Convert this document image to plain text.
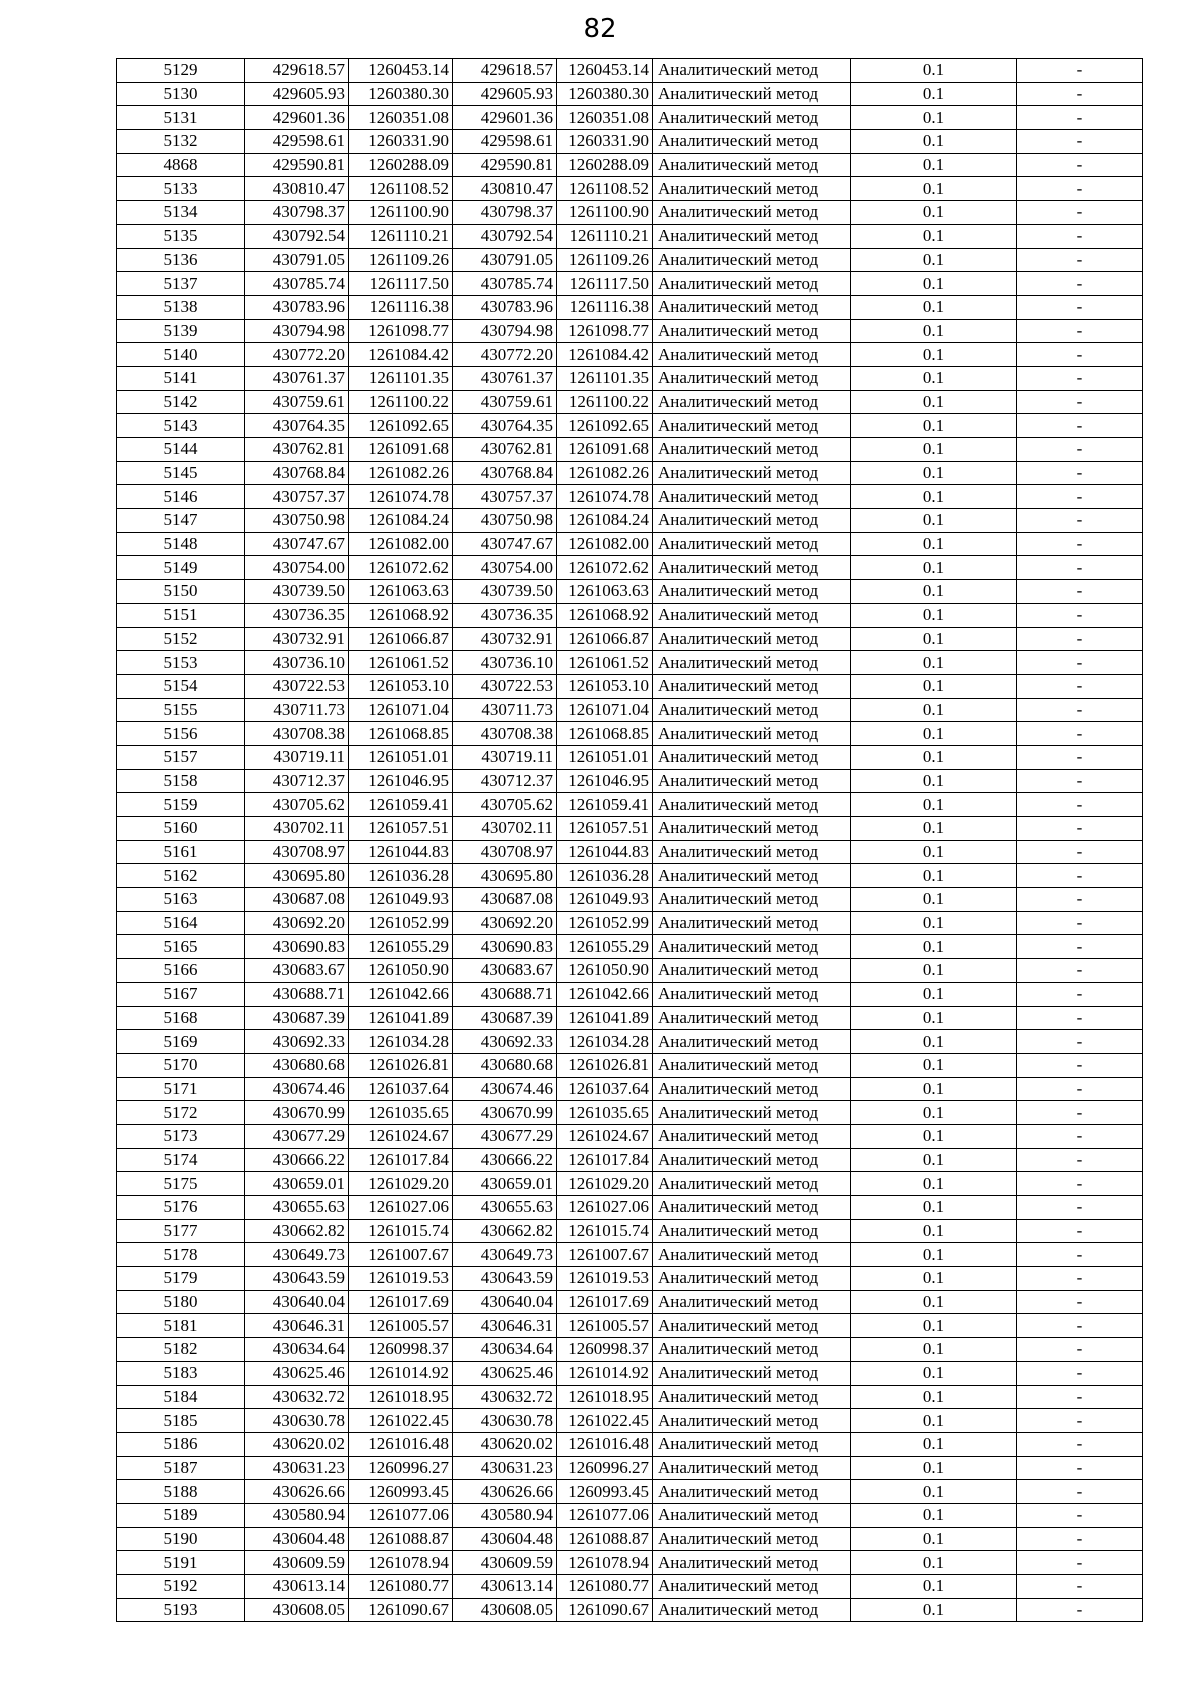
82
5129	429618.57	1260453.14	429618.57	1260453.14	Аналитический метод	0.1	-
5130	429605.93	1260380.30	429605.93	1260380.30	Аналитический метод	0.1	-
5131	429601.36	1260351.08	429601.36	1260351.08	Аналитический метод	0.1	-
5132	429598.61	1260331.90	429598.61	1260331.90	Аналитический метод	0.1	-
4868	429590.81	1260288.09	429590.81	1260288.09	Аналитический метод	0.1	-
5133	430810.47	1261108.52	430810.47	1261108.52	Аналитический метод	0.1	-
5134	430798.37	1261100.90	430798.37	1261100.90	Аналитический метод	0.1	-
5135	430792.54	1261110.21	430792.54	1261110.21	Аналитический метод	0.1	-
5136	430791.05	1261109.26	430791.05	1261109.26	Аналитический метод	0.1	-
5137	430785.74	1261117.50	430785.74	1261117.50	Аналитический метод	0.1	-
5138	430783.96	1261116.38	430783.96	1261116.38	Аналитический метод	0.1	-
5139	430794.98	1261098.77	430794.98	1261098.77	Аналитический метод	0.1	-
5140	430772.20	1261084.42	430772.20	1261084.42	Аналитический метод	0.1	-
5141	430761.37	1261101.35	430761.37	1261101.35	Аналитический метод	0.1	-
5142	430759.61	1261100.22	430759.61	1261100.22	Аналитический метод	0.1	-
5143	430764.35	1261092.65	430764.35	1261092.65	Аналитический метод	0.1	-
5144	430762.81	1261091.68	430762.81	1261091.68	Аналитический метод	0.1	-
5145	430768.84	1261082.26	430768.84	1261082.26	Аналитический метод	0.1	-
5146	430757.37	1261074.78	430757.37	1261074.78	Аналитический метод	0.1	-
5147	430750.98	1261084.24	430750.98	1261084.24	Аналитический метод	0.1	-
5148	430747.67	1261082.00	430747.67	1261082.00	Аналитический метод	0.1	-
5149	430754.00	1261072.62	430754.00	1261072.62	Аналитический метод	0.1	-
5150	430739.50	1261063.63	430739.50	1261063.63	Аналитический метод	0.1	-
5151	430736.35	1261068.92	430736.35	1261068.92	Аналитический метод	0.1	-
5152	430732.91	1261066.87	430732.91	1261066.87	Аналитический метод	0.1	-
5153	430736.10	1261061.52	430736.10	1261061.52	Аналитический метод	0.1	-
5154	430722.53	1261053.10	430722.53	1261053.10	Аналитический метод	0.1	-
5155	430711.73	1261071.04	430711.73	1261071.04	Аналитический метод	0.1	-
5156	430708.38	1261068.85	430708.38	1261068.85	Аналитический метод	0.1	-
5157	430719.11	1261051.01	430719.11	1261051.01	Аналитический метод	0.1	-
5158	430712.37	1261046.95	430712.37	1261046.95	Аналитический метод	0.1	-
5159	430705.62	1261059.41	430705.62	1261059.41	Аналитический метод	0.1	-
5160	430702.11	1261057.51	430702.11	1261057.51	Аналитический метод	0.1	-
5161	430708.97	1261044.83	430708.97	1261044.83	Аналитический метод	0.1	-
5162	430695.80	1261036.28	430695.80	1261036.28	Аналитический метод	0.1	-
5163	430687.08	1261049.93	430687.08	1261049.93	Аналитический метод	0.1	-
5164	430692.20	1261052.99	430692.20	1261052.99	Аналитический метод	0.1	-
5165	430690.83	1261055.29	430690.83	1261055.29	Аналитический метод	0.1	-
5166	430683.67	1261050.90	430683.67	1261050.90	Аналитический метод	0.1	-
5167	430688.71	1261042.66	430688.71	1261042.66	Аналитический метод	0.1	-
5168	430687.39	1261041.89	430687.39	1261041.89	Аналитический метод	0.1	-
5169	430692.33	1261034.28	430692.33	1261034.28	Аналитический метод	0.1	-
5170	430680.68	1261026.81	430680.68	1261026.81	Аналитический метод	0.1	-
5171	430674.46	1261037.64	430674.46	1261037.64	Аналитический метод	0.1	-
5172	430670.99	1261035.65	430670.99	1261035.65	Аналитический метод	0.1	-
5173	430677.29	1261024.67	430677.29	1261024.67	Аналитический метод	0.1	-
5174	430666.22	1261017.84	430666.22	1261017.84	Аналитический метод	0.1	-
5175	430659.01	1261029.20	430659.01	1261029.20	Аналитический метод	0.1	-
5176	430655.63	1261027.06	430655.63	1261027.06	Аналитический метод	0.1	-
5177	430662.82	1261015.74	430662.82	1261015.74	Аналитический метод	0.1	-
5178	430649.73	1261007.67	430649.73	1261007.67	Аналитический метод	0.1	-
5179	430643.59	1261019.53	430643.59	1261019.53	Аналитический метод	0.1	-
5180	430640.04	1261017.69	430640.04	1261017.69	Аналитический метод	0.1	-
5181	430646.31	1261005.57	430646.31	1261005.57	Аналитический метод	0.1	-
5182	430634.64	1260998.37	430634.64	1260998.37	Аналитический метод	0.1	-
5183	430625.46	1261014.92	430625.46	1261014.92	Аналитический метод	0.1	-
5184	430632.72	1261018.95	430632.72	1261018.95	Аналитический метод	0.1	-
5185	430630.78	1261022.45	430630.78	1261022.45	Аналитический метод	0.1	-
5186	430620.02	1261016.48	430620.02	1261016.48	Аналитический метод	0.1	-
5187	430631.23	1260996.27	430631.23	1260996.27	Аналитический метод	0.1	-
5188	430626.66	1260993.45	430626.66	1260993.45	Аналитический метод	0.1	-
5189	430580.94	1261077.06	430580.94	1261077.06	Аналитический метод	0.1	-
5190	430604.48	1261088.87	430604.48	1261088.87	Аналитический метод	0.1	-
5191	430609.59	1261078.94	430609.59	1261078.94	Аналитический метод	0.1	-
5192	430613.14	1261080.77	430613.14	1261080.77	Аналитический метод	0.1	-
5193	430608.05	1261090.67	430608.05	1261090.67	Аналитический метод	0.1	-
